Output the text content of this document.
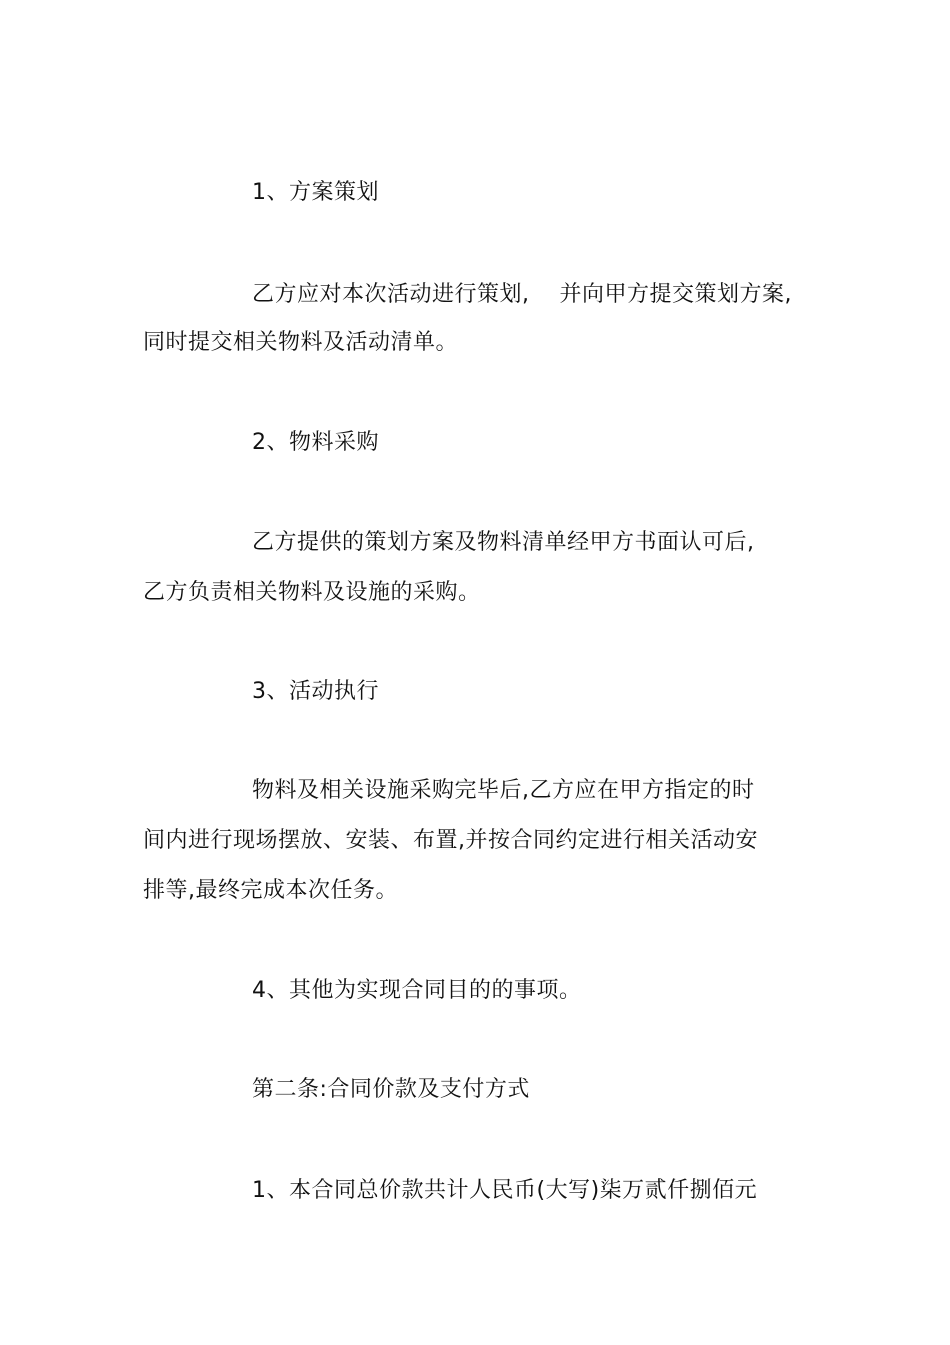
1、方案策划
乙方应对本次活动进行策划, 并向甲方提交策划方案,
同时提交相关物料及活动清单。
2、物料采购
乙方提供的策划方案及物料清单经甲方书面认可后,
乙方负责相关物料及设施的采购。
3、活动执行
物料及相关设施采购完毕后,乙方应在甲方指定的时
间内进行现场摆放、安装、布置,并按合同约定进行相关活动安
排等,最终完成本次任务。
4、其他为实现合同目的的事项。
第二条:合同价款及支付方式
1、本合同总价款共计人民币(大写)柒万贰仟捌佰元
